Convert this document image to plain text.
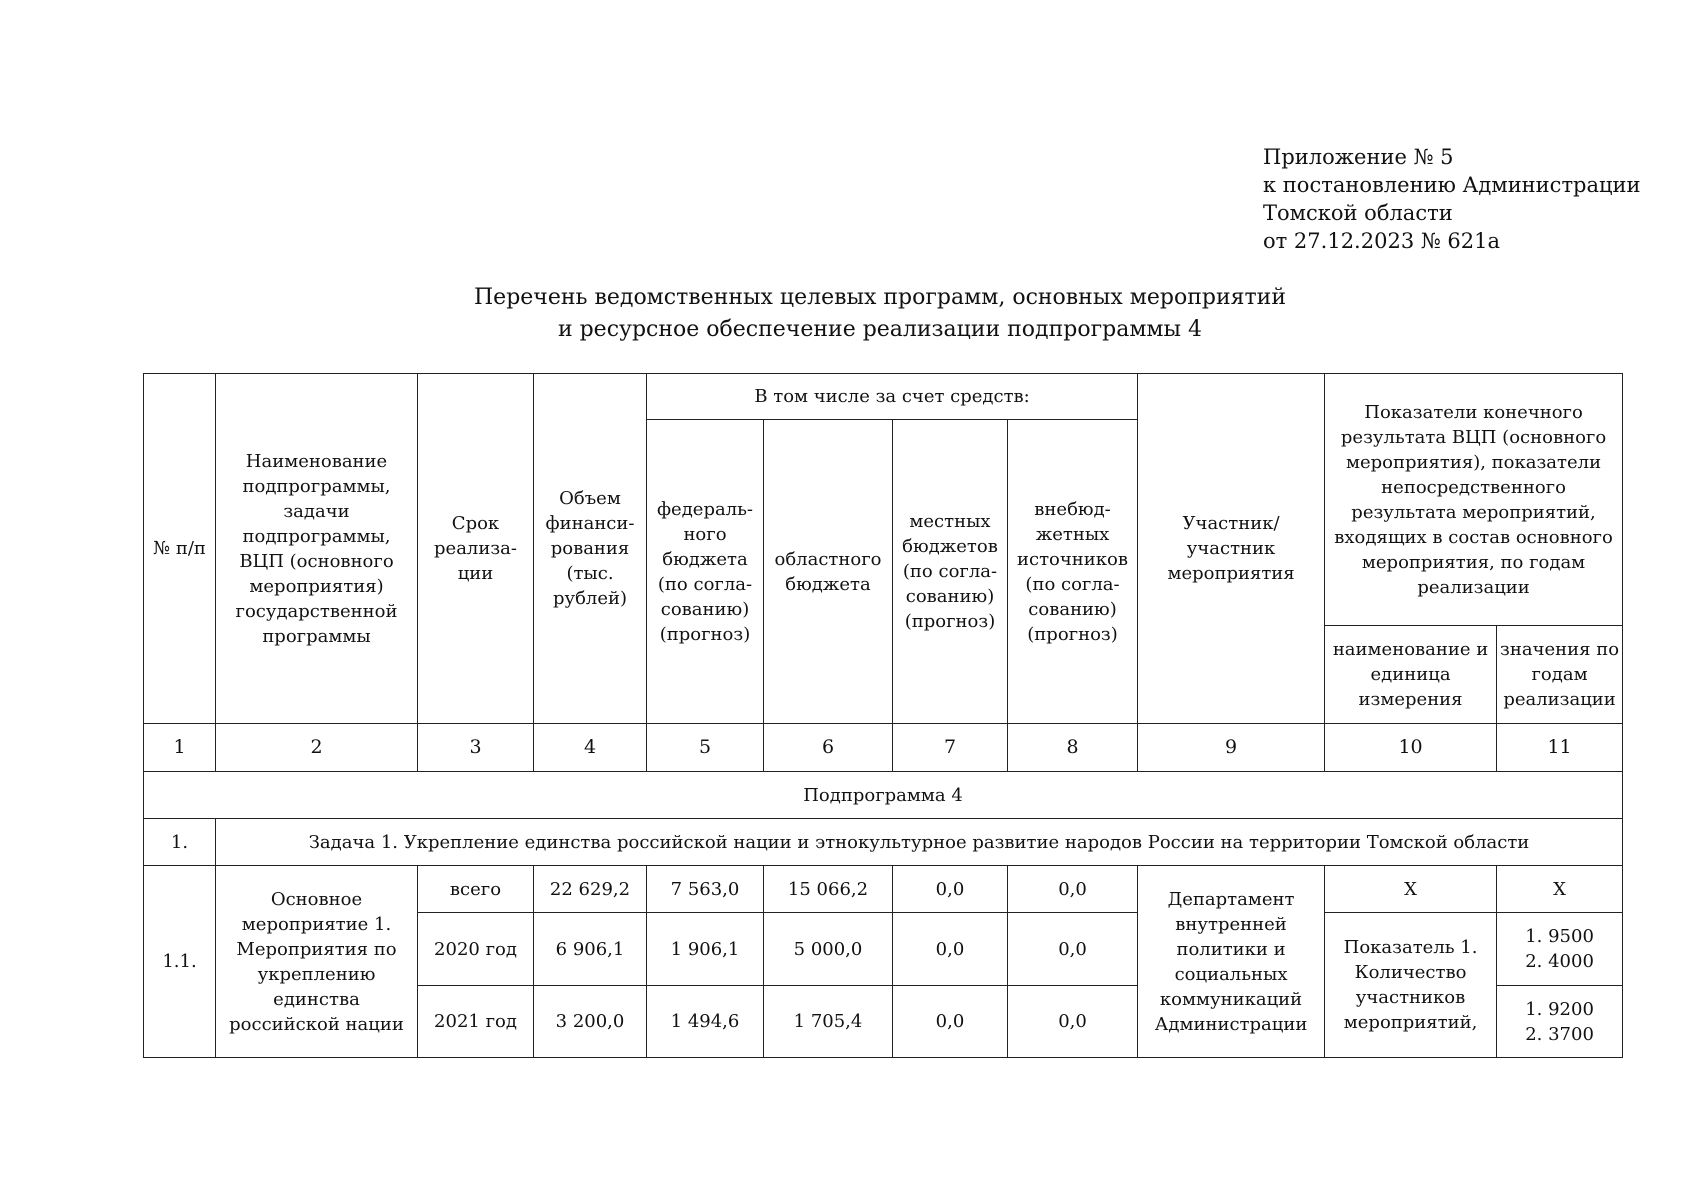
Приложение № 5
к постановлению Администрации
Томской области
от 27.12.2023 № 621а
Перечень ведомственных целевых программ, основных мероприятий
и ресурсное обеспечение реализации подпрограммы 4
№ п/п	Наименование подпрограммы, задачи подпрограммы, ВЦП (основного мероприятия) государственной программы	Срок реализа-ции	Объем финанси-рования (тыс. рублей)	В том числе за счет средств:				Участник/ участник мероприятия	Показатели конечного результата ВЦП (основного мероприятия), показатели непосредственного результата мероприятий, входящих в состав основного мероприятия, по годам реализации	
				федераль-ного бюджета (по согла-сованию) (прогноз)	областного бюджета	местных бюджетов (по согла-сованию) (прогноз)	внебюд-жетных источников (по согла-сованию) (прогноз)			
									наименование и единица измерения	значения по годам реализации
1	2	3	4	5	6	7	8	9	10	11
Подпрограмма 4										
1.	Задача 1. Укрепление единства российской нации и этнокультурное развитие народов России на территории Томской области									
1.1.	Основное мероприятие 1. Мероприятия по укреплению единства российской нации	всего	22 629,2	7 563,0	15 066,2	0,0	0,0	Департамент внутренней политики и социальных коммуникаций Администрации	Х	Х
		2020 год	6 906,1	1 906,1	5 000,0	0,0	0,0		Показатель 1. Количество участников мероприятий,	1. 9500
2. 4000

		2021 год	3 200,0	1 494,6	1 705,4	0,0	0,0			1. 9200
2. 3700
